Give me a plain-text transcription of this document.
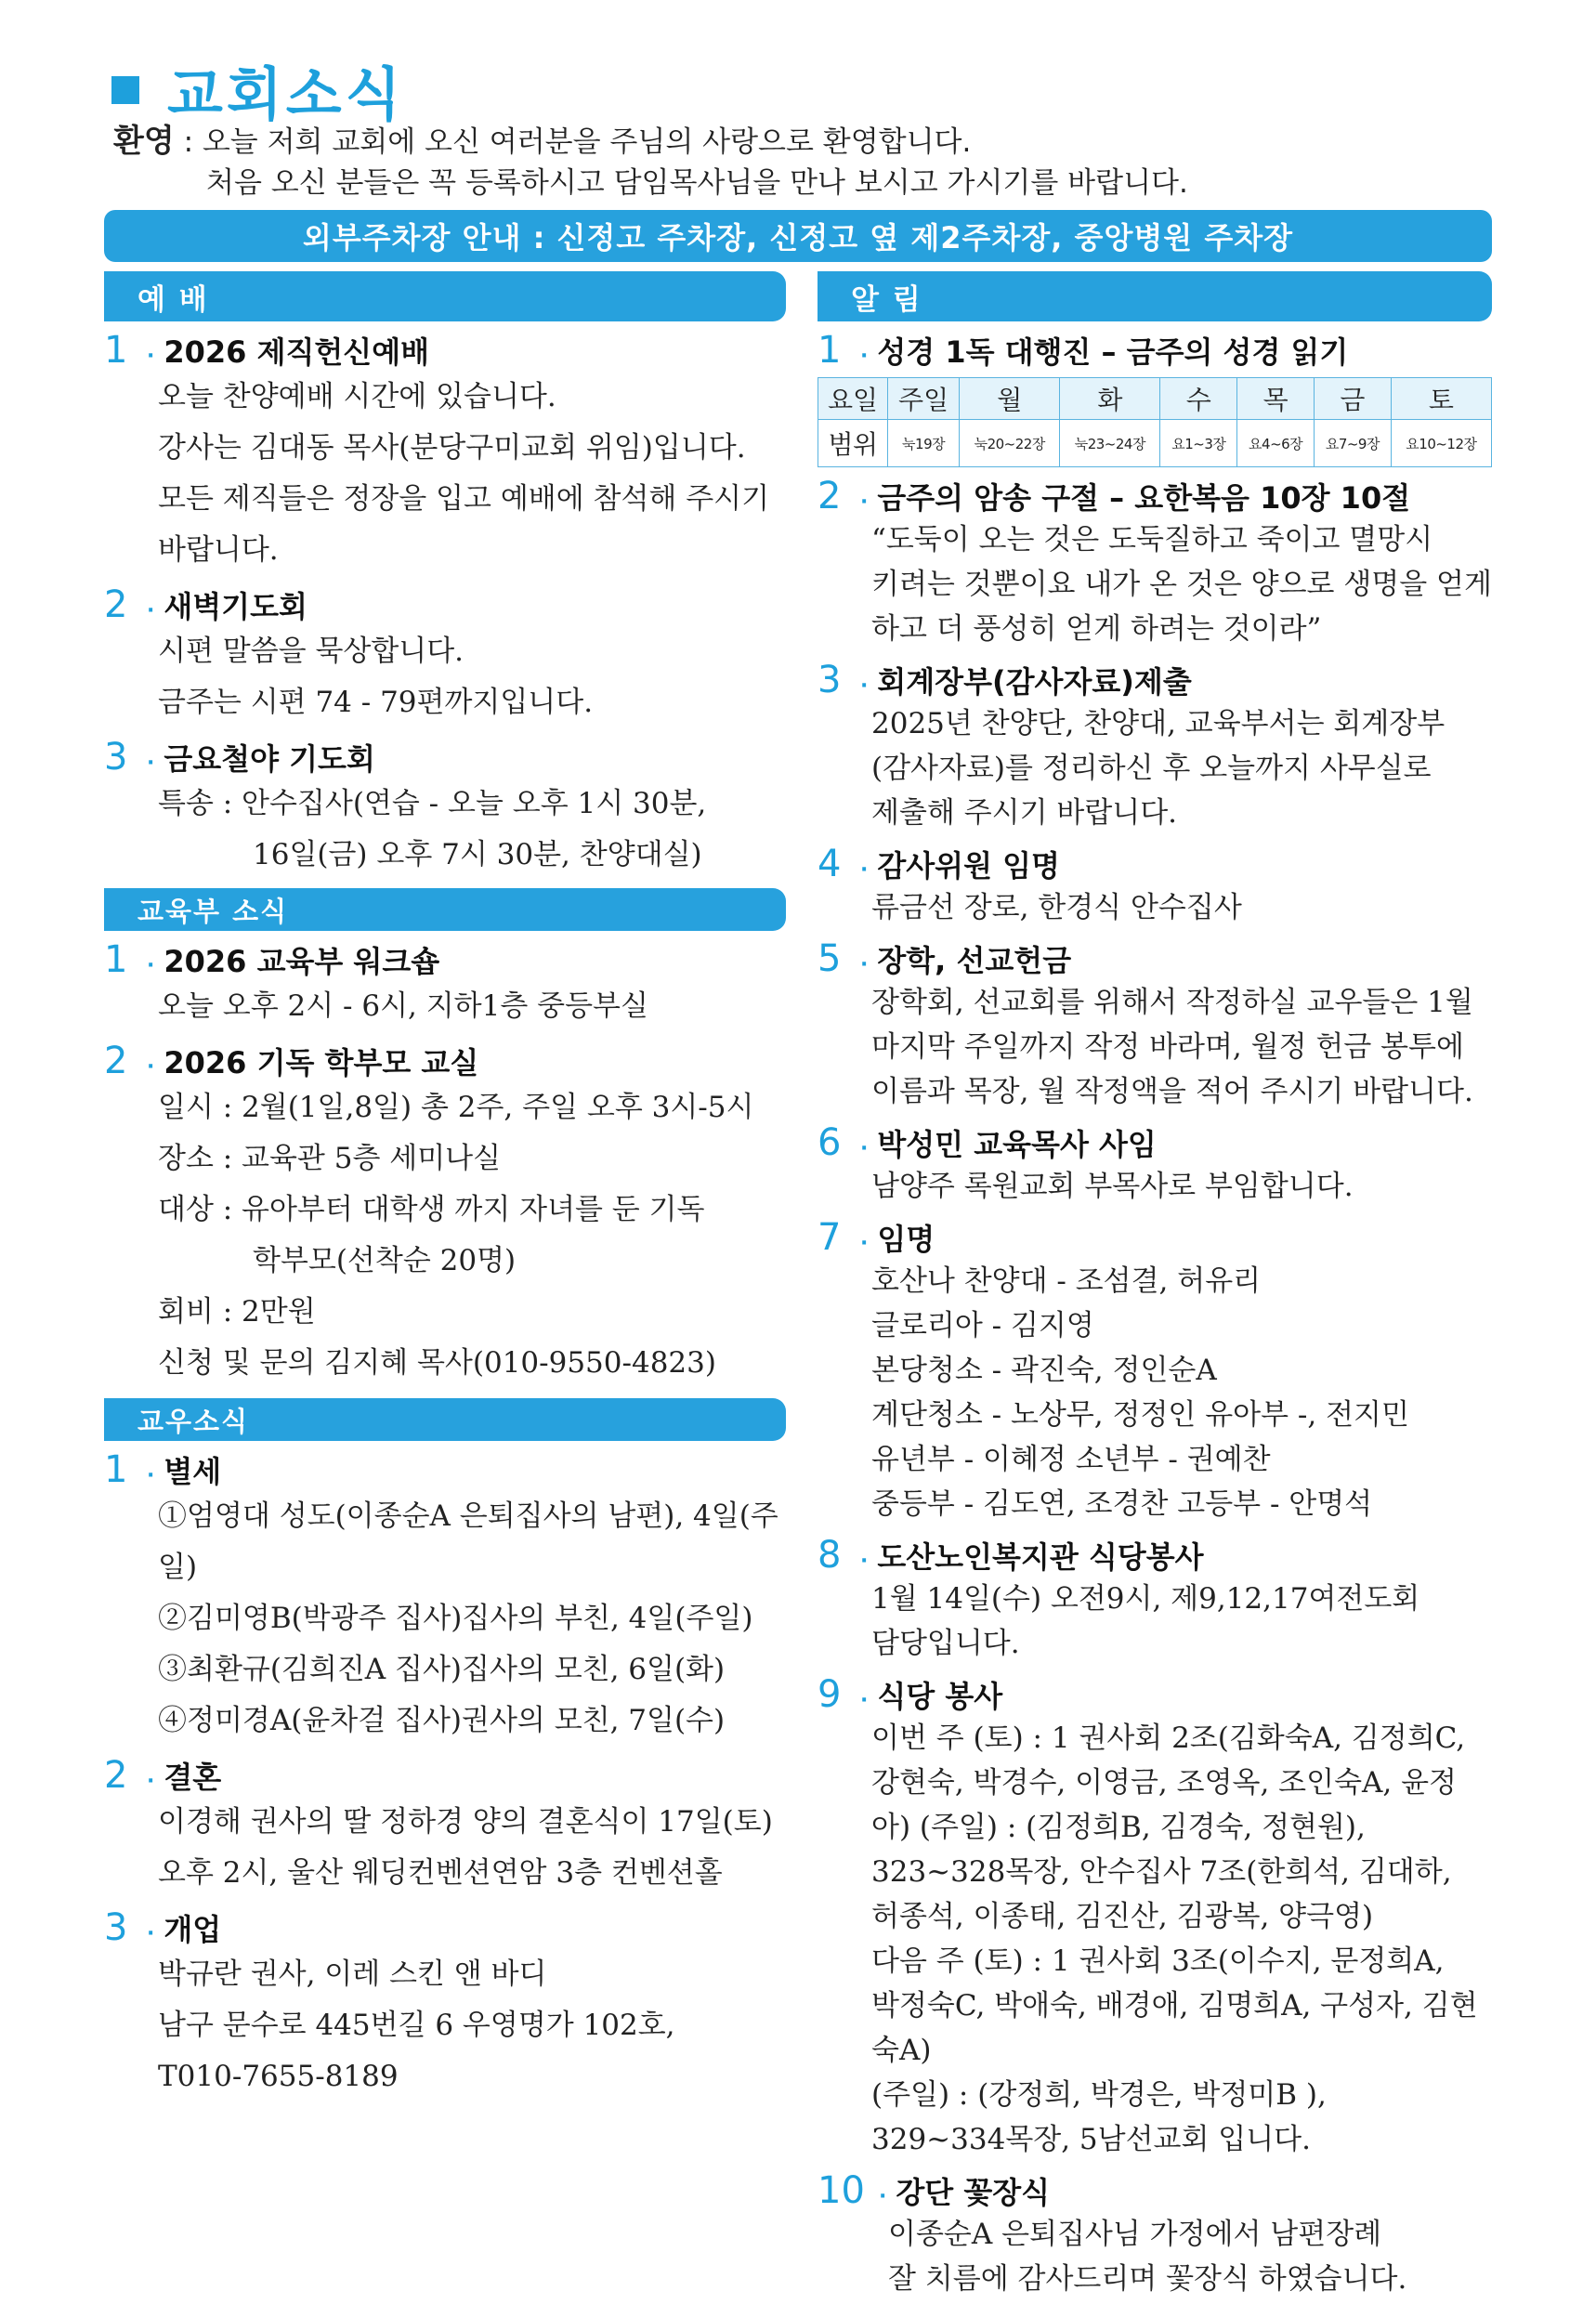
교회소식
환영 : 오늘 저희 교회에 오신 여러분을 주님의 사랑으로 환영합니다.
처음 오신 분들은 꼭 등록하시고 담임목사님을 만나 보시고 가시기를 바랍니다.
외부주차장 안내 : 신정고 주차장, 신정고 옆 제2주차장, 중앙병원 주차장
예 배
1 · 2026 제직헌신예배

오늘 찬양예배 시간에 있습니다.

강사는 김대동 목사(분당구미교회 위임)입니다.

모든 제직들은 정장을 입고 예배에 참석해 주시기

바랍니다.

2 · 새벽기도회

시편 말씀을 묵상합니다.

금주는 시편 74 - 79편까지입니다.

3 · 금요철야 기도회

특송 : 안수집사(연습 - 오늘 오후 1시 30분,

16일(금) 오후 7시 30분, 찬양대실)

교육부 소식
1 · 2026 교육부 워크숍

오늘 오후 2시 - 6시, 지하1층 중등부실

2 · 2026 기독 학부모 교실

일시 : 2월(1일,8일) 총 2주, 주일 오후 3시-5시

장소 : 교육관 5층 세미나실

대상 : 유아부터 대학생 까지 자녀를 둔 기독

학부모(선착순 20명)

회비 : 2만원

신청 및 문의 김지혜 목사(010-9550-4823)

교우소식
1 · 별세

①엄영대 성도(이종순A 은퇴집사의 남편), 4일(주일)

②김미영B(박광주 집사)집사의 부친, 4일(주일)

③최환규(김희진A 집사)집사의 모친, 6일(화)

④정미경A(윤차걸 집사)권사의 모친, 7일(수)

2 · 결혼

이경해 권사의 딸 정하경 양의 결혼식이 17일(토)

오후 2시, 울산 웨딩컨벤션연암 3층 컨벤션홀

3 · 개업

박규란 권사, 이레 스킨 앤 바디

남구 문수로 445번길 6 우영명가 102호,

T010-7655-8189

알 림
1 · 성경 1독 대행진 – 금주의 성경 읽기
요일	주일	월	화	수	목	금	토
범위	눅19장	눅20~22장	눅23~24장	요1~3장	요4~6장	요7~9장	요10~12장
2 · 금주의 암송 구절 – 요한복음 10장 10절

“도둑이 오는 것은 도둑질하고 죽이고 멸망시

키려는 것뿐이요 내가 온 것은 양으로 생명을 얻게

하고 더 풍성히 얻게 하려는 것이라”

3 · 회계장부(감사자료)제출

2025년 찬양단, 찬양대, 교육부서는 회계장부

(감사자료)를 정리하신 후 오늘까지 사무실로

제출해 주시기 바랍니다.

4 · 감사위원 임명

류금선 장로, 한경식 안수집사

5 · 장학, 선교헌금

장학회, 선교회를 위해서 작정하실 교우들은 1월

마지막 주일까지 작정 바라며, 월정 헌금 봉투에

이름과 목장, 월 작정액을 적어 주시기 바랍니다.

6 · 박성민 교육목사 사임

남양주 록원교회 부목사로 부임합니다.

7 · 임명

호산나 찬양대 - 조섬결, 허유리

글로리아 - 김지영

본당청소 - 곽진숙, 정인순A

계단청소 - 노상무, 정정인 유아부 -, 전지민

유년부 - 이혜정 소년부 - 권예찬

중등부 - 김도연, 조경찬 고등부 - 안명석

8 · 도산노인복지관 식당봉사

1월 14일(수) 오전9시, 제9,12,17여전도회

담당입니다.

9 · 식당 봉사

이번 주 (토) : 1 권사회 2조(김화숙A, 김정희C,

강현숙, 박경수, 이영금, 조영옥, 조인숙A, 윤정

아) (주일) : (김정희B, 김경숙, 정현원),

323~328목장, 안수집사 7조(한희석, 김대하,

허종석, 이종태, 김진산, 김광복, 양극영)

다음 주 (토) : 1 권사회 3조(이수지, 문정희A,

박정숙C, 박애숙, 배경애, 김명희A, 구성자, 김현숙A)

(주일) : (강정희, 박경은, 박정미B ),

329~334목장, 5남선교회 입니다.

10 · 강단 꽃장식

이종순A 은퇴집사님 가정에서 남편장례

잘 치름에 감사드리며 꽃장식 하였습니다.
